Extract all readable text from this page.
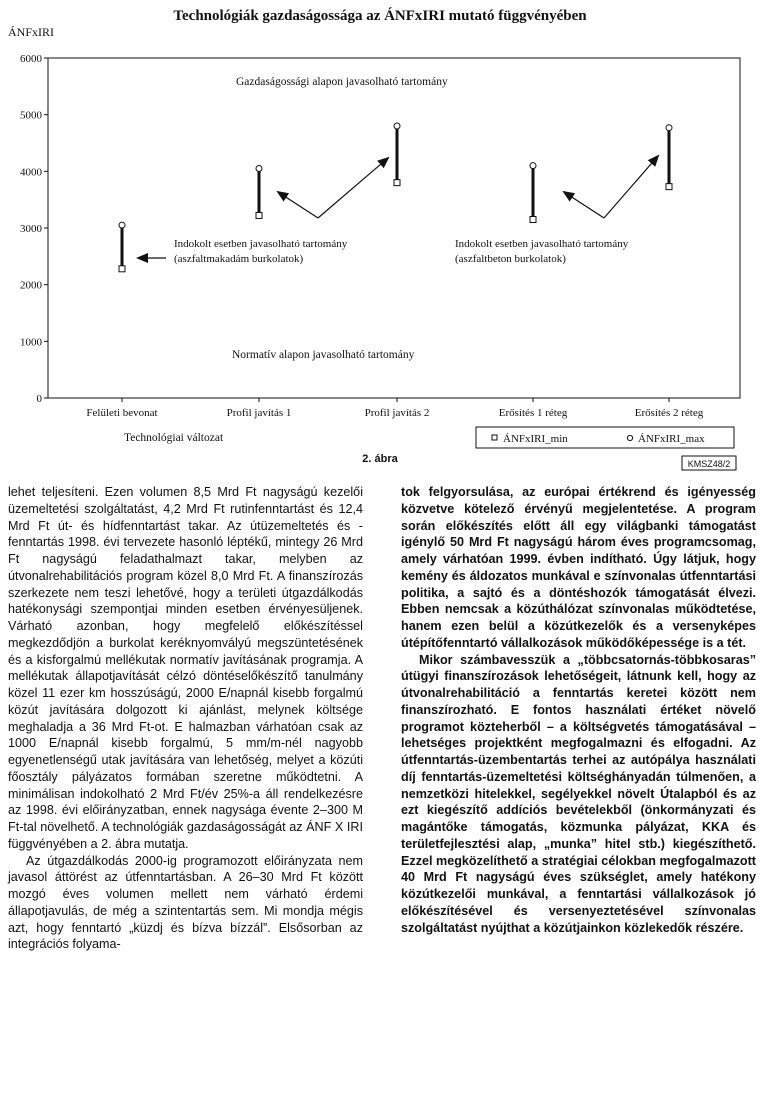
Technológiák gazdaságossága az ÁNFxIRI mutató függvényében
ÁNFxIRI
0
1000
2000
3000
4000
5000
6000
Felületi bevonat	Profil javítás 1	Profil javítás 2	Erősítés 1 réteg	Erősítés 2 réteg
Gazdaságossági alapon javasolható tartomány
Normatív alapon javasolható tartomány
Indokolt esetben javasolható tartomány
(aszfaltmakadám burkolatok)
Indokolt esetben javasolható tartomány
(aszfaltbeton burkolatok)
Technológiai változat	ÁNFxIRI_min	ÁNFxIRI_max
2. ábra	KMSZ48/2

lehet teljesíteni. Ezen volumen 8,5 Mrd Ft nagyságú kezelői üzemeltetési szolgáltatást, 4,2 Mrd Ft rutinfenntartást és 12,4 Mrd Ft út- és hídfenntartást takar. Az útüzemeltetés és -fenntartás 1998. évi tervezete hasonló léptékű, mintegy 26 Mrd Ft nagyságú feladathalmazt takar, melyben az útvonalrehabilitációs program közel 8,0 Mrd Ft. A finanszírozás szerkezete nem teszi lehetővé, hogy a területi útgazdálkodás hatékonysági szempontjai minden esetben érvényesüljenek. Várható azonban, hogy megfelelő előkészítéssel megkezdődjön a burkolat keréknyomvályú megszüntetésének és a kisforgalmú mellékutak normatív javításának programja. A mellékutak állapotjavítását célzó döntéselőkészítő tanulmány közel 11 ezer km hosszúságú, 2000 E/napnál kisebb forgalmú közút javítására dolgozott ki ajánlást, melynek költsége meghaladja a 36 Mrd Ft-ot. E halmazban várhatóan csak az 1000 E/napnál kisebb forgalmú, 5 mm/m-nél nagyobb egyenetlenségű utak javítására van lehetőség, melyet a közúti főosztály pályázatos formában szeretne működtetni. A minimálisan indokolható 2 Mrd Ft/év 25%-a áll rendelkezésre az 1998. évi előirányzatban, ennek nagysága évente 2–300 M Ft-tal növelhető. A technológiák gazdaságosságát az ÁNF X IRI függvényében a 2. ábra mutatja.

Az útgazdálkodás 2000-ig programozott előirányzata nem javasol áttörést az útfenntartásban. A 26–30 Mrd Ft között mozgó éves volumen mellett nem várható érdemi állapotjavulás, de még a szintentartás sem. Mi mondja mégis azt, hogy fenntartó „küzdj és bízva bízzál”. Elsősorban az integrációs folyama-

tok felgyorsulása, az európai értékrend és igényesség közvetve kötelező érvényű megjelentetése. A program során előkészítés előtt áll egy világbanki támogatást igénylő 50 Mrd Ft nagyságú három éves programcsomag, amely várhatóan 1999. évben indítható. Úgy látjuk, hogy kemény és áldozatos munkával e színvonalas útfenntartási politika, a sajtó és a döntéshozók támogatását élvezi. Ebben nemcsak a közúthálózat színvonalas működtetése, hanem ezen belül a közútkezelők és a versenyképes útépítőfenntartó vállalkozások működőképessége is a tét.

Mikor számbavesszük a „többcsatornás-többkosaras” útügyi finanszírozások lehetőségeit, látnunk kell, hogy az útvonalrehabilitáció a fenntartás keretei között nem finanszírozható. E fontos használati értéket növelő programot közteherből – a költségvetés támogatásával – lehetséges projektként megfogalmazni és elfogadni. Az útfenntartás-üzembentartás terhei az autópálya használati díj fenntartás-üzemeltetési költséghányadán túlmenően, a nemzetközi hitelekkel, segélyekkel növelt Útalapból és az ezt kiegészítő addíciós bevételekből (önkormányzati és magántőke támogatás, közmunka pályázat, KKA és területfejlesztési alap, „munka” hitel stb.) kiegészíthető. Ezzel megközelíthető a stratégiai célokban megfogalmazott 40 Mrd Ft nagyságú éves szükséglet, amely hatékony közútkezelői munkával, a fenntartási vállalkozások jó előkészítésével és versenyeztetésével színvonalas szolgáltatást nyújthat a közútjainkon közlekedők részére.
